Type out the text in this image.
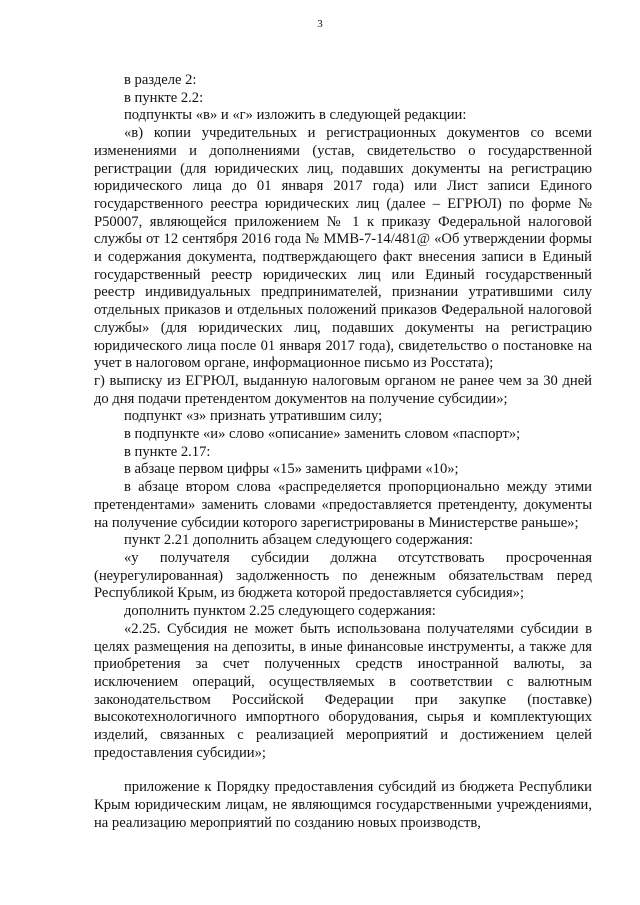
3

в разделе 2:

в пункте 2.2:

подпункты «в» и «г» изложить в следующей редакции:

«в) копии учредительных и регистрационных документов со всеми изменениями и дополнениями (устав, свидетельство о государственной регистрации (для юридических лиц, подавших документы на регистрацию юридического лица до 01 января 2017 года) или Лист записи Единого государственного реестра юридических лиц (далее – ЕГРЮЛ) по форме № Р50007, являющейся приложением № 1 к приказу Федеральной налоговой службы от 12 сентября 2016 года № ММВ-7-14/481@ «Об утверждении формы и содержания документа, подтверждающего факт внесения записи в Единый государственный реестр юридических лиц или Единый государственный реестр индивидуальных предпринимателей, признании утратившими силу отдельных приказов и отдельных положений приказов Федеральной налоговой службы» (для юридических лиц, подавших документы на регистрацию юридического лица после 01 января 2017 года), свидетельство о постановке на учет в налоговом органе, информационное письмо из Росстата);

г) выписку из ЕГРЮЛ, выданную налоговым органом не ранее чем за 30 дней до дня подачи претендентом документов на получение субсидии»;

подпункт «з» признать утратившим силу;

в подпункте «и» слово «описание» заменить словом «паспорт»;

в пункте 2.17:

в абзаце первом цифры «15» заменить цифрами «10»;

в абзаце втором слова «распределяется пропорционально между этими претендентами» заменить словами «предоставляется претенденту, документы на получение субсидии которого зарегистрированы в Министерстве раньше»;

пункт 2.21 дополнить абзацем следующего содержания:

«у получателя субсидии должна отсутствовать просроченная (неурегулированная) задолженность по денежным обязательствам перед Республикой Крым, из бюджета которой предоставляется субсидия»;

дополнить пунктом 2.25 следующего содержания:

«2.25. Субсидия не может быть использована получателями субсидии в целях размещения на депозиты, в иные финансовые инструменты, а также для приобретения за счет полученных средств иностранной валюты, за исключением операций, осуществляемых в соответствии с валютным законодательством Российской Федерации при закупке (поставке) высокотехнологичного импортного оборудования, сырья и комплектующих изделий, связанных с реализацией мероприятий и достижением целей предоставления субсидии»;

приложение к Порядку предоставления субсидий из бюджета Республики Крым юридическим лицам, не являющимся государственными учреждениями, на реализацию мероприятий по созданию новых производств,
